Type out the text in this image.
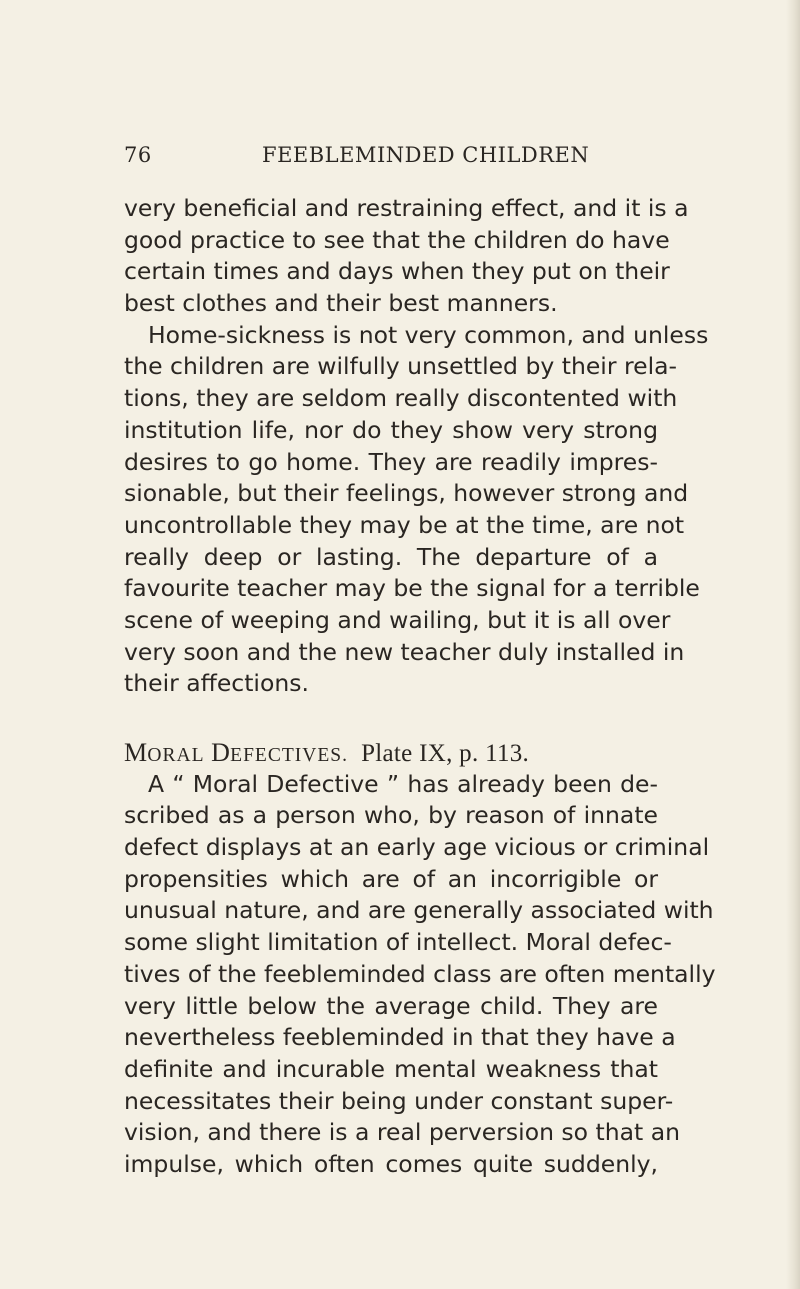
76	FEEBLEMINDED CHILDREN
very beneficial and restraining effect, and it is a
good practice to see that the children do have
certain times and days when they put on their
best clothes and their best manners.
Home-sickness is not very common, and unless
the children are wilfully unsettled by their rela-
tions, they are seldom really discontented with
institution life, nor do they show very strong
desires to go home. They are readily impres-
sionable, but their feelings, however strong and
uncontrollable they may be at the time, are not
really deep or lasting. The departure of a
favourite teacher may be the signal for a terrible
scene of weeping and wailing, but it is all over
very soon and the new teacher duly installed in
their affections.
MORAL DEFECTIVES. Plate IX, p. 113.
A “ Moral Defective ” has already been de-
scribed as a person who, by reason of innate
defect displays at an early age vicious or criminal
propensities which are of an incorrigible or
unusual nature, and are generally associated with
some slight limitation of intellect. Moral defec-
tives of the feebleminded class are often mentally
very little below the average child. They are
nevertheless feebleminded in that they have a
definite and incurable mental weakness that
necessitates their being under constant super-
vision, and there is a real perversion so that an
impulse, which often comes quite suddenly,
